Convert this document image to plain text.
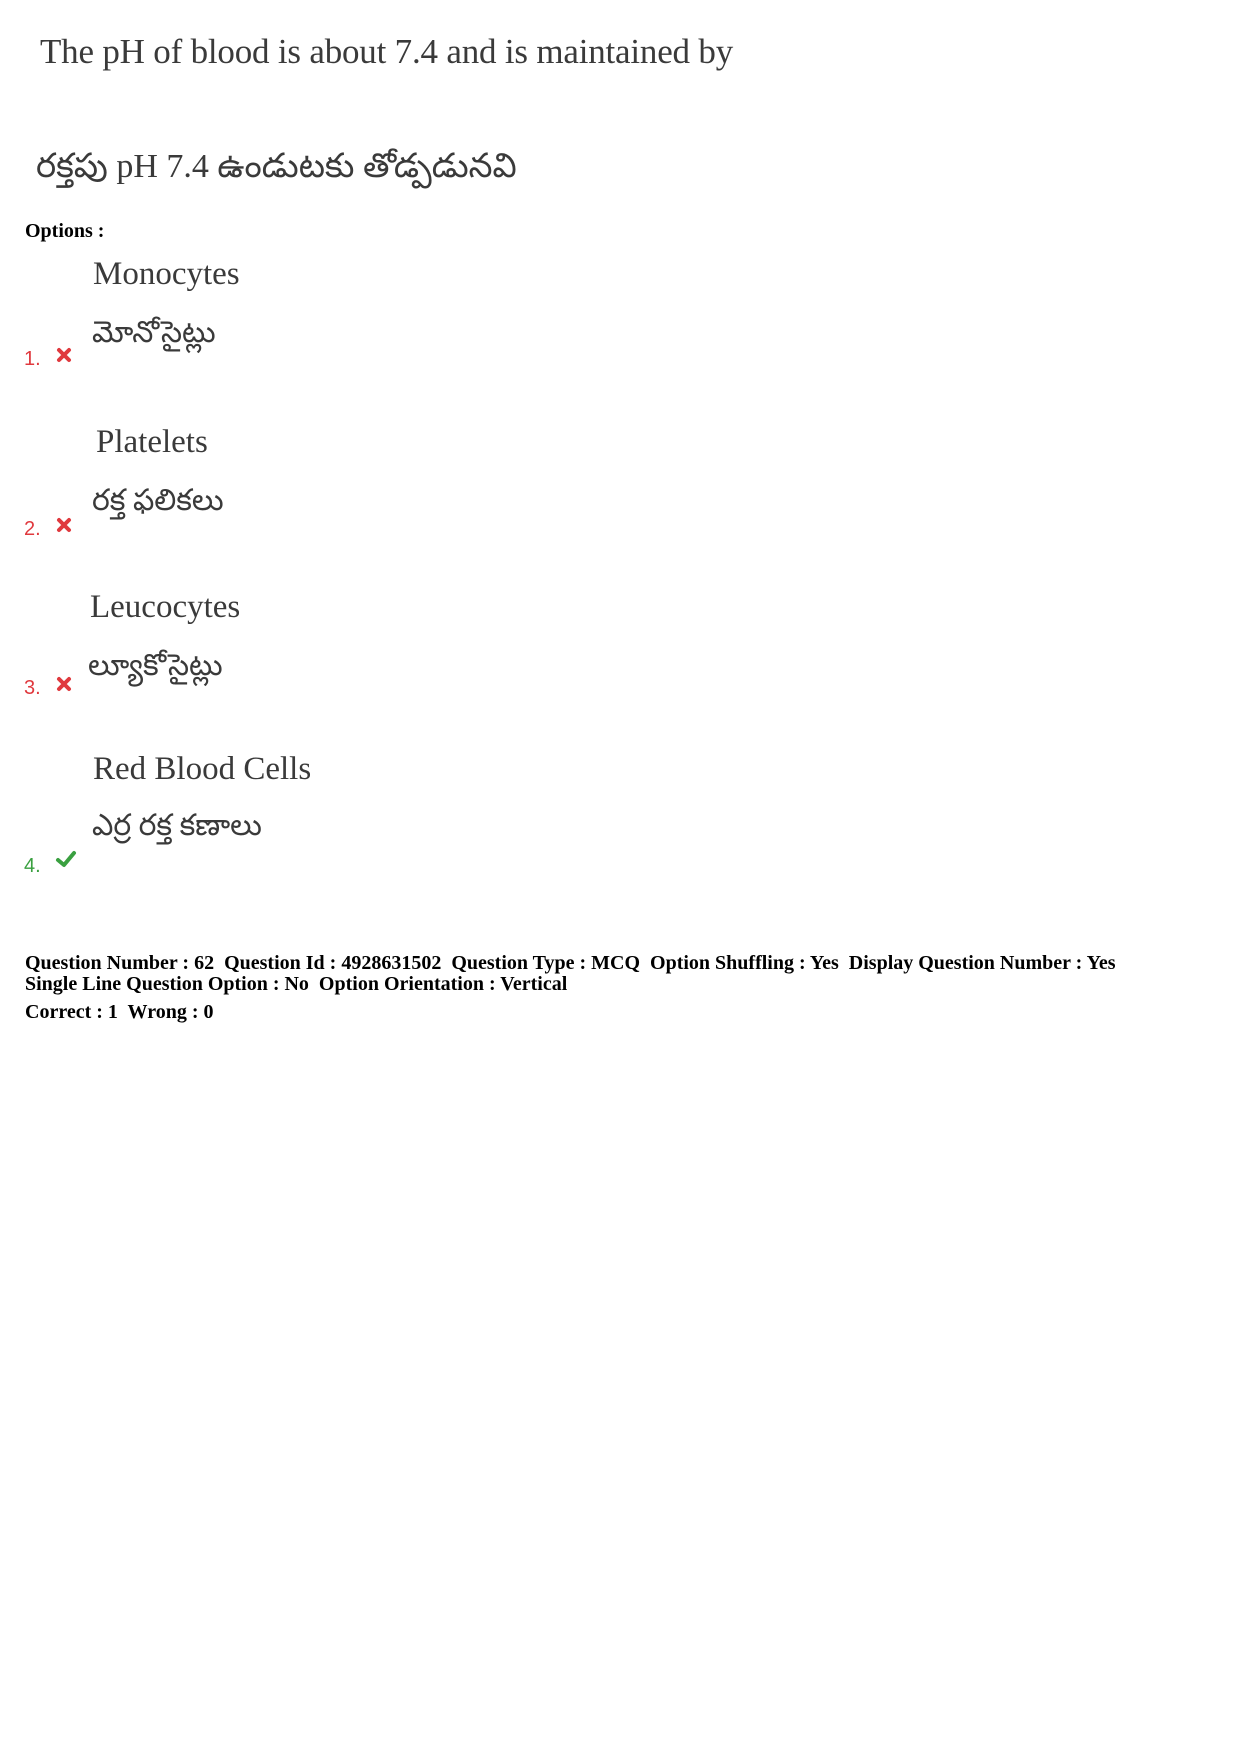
The pH of blood is about 7.4 and is maintained by
రక్తపు pH 7.4 ఉండుటకు తోడ్పడునవి
Options :
Monocytes
మోనోసైట్లు
1.
Platelets
రక్త ఫలికలు
2.
Leucocytes
ల్యూకోసైట్లు
3.
Red Blood Cells
ఎర్ర రక్త కణాలు
4.
Question Number : 62  Question Id : 4928631502  Question Type : MCQ  Option Shuffling : Yes  Display Question Number : Yes
Single Line Question Option : No  Option Orientation : Vertical
Correct : 1  Wrong : 0
